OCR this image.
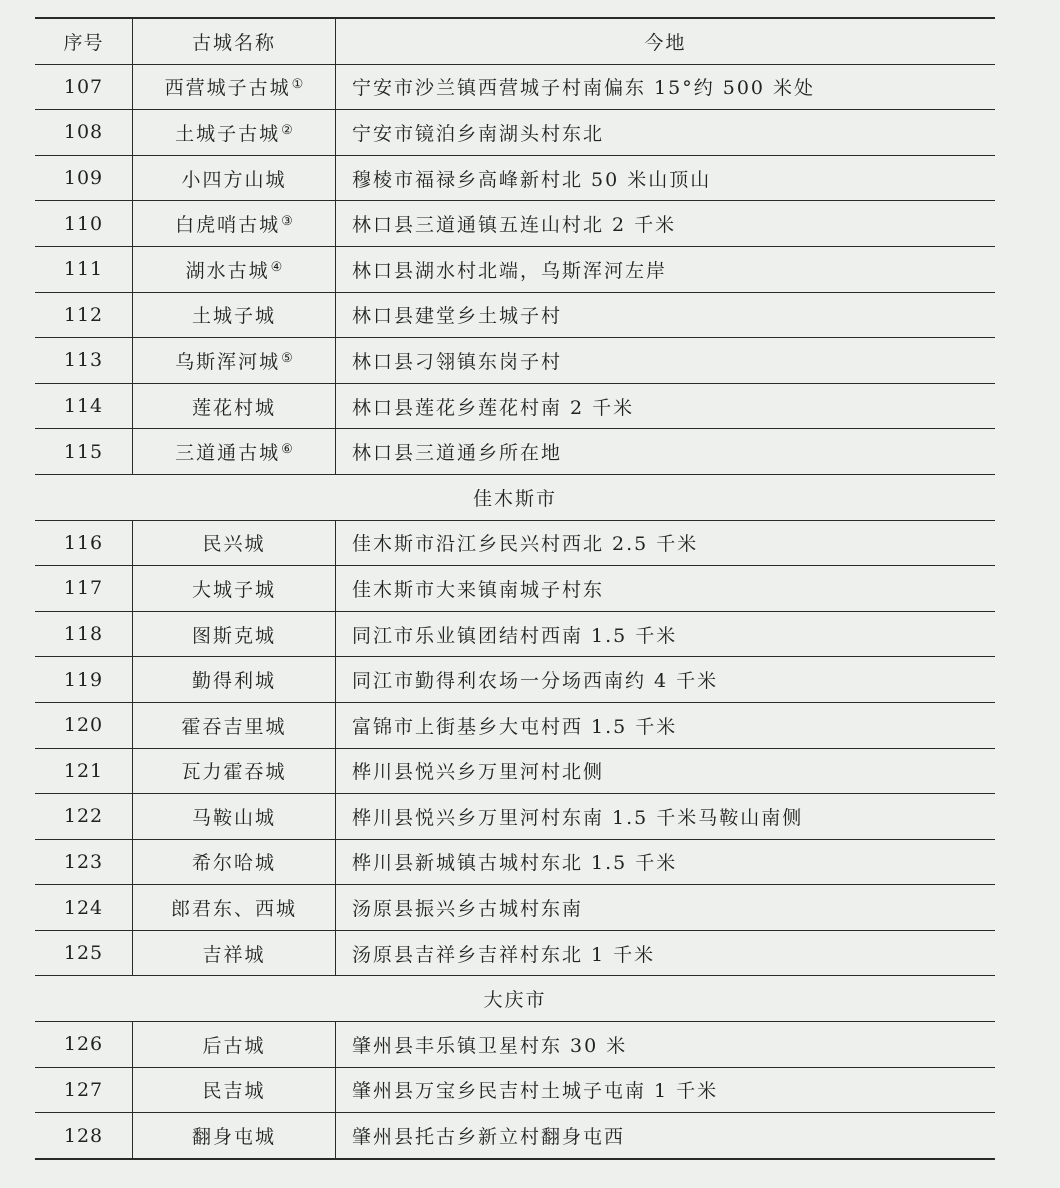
序号	古城名称	今地
107	西营城子古城①	宁安市沙兰镇西营城子村南偏东 15°约 500 米处
108	土城子古城②	宁安市镜泊乡南湖头村东北
109	小四方山城	穆棱市福禄乡高峰新村北 50 米山顶山
110	白虎哨古城③	林口县三道通镇五连山村北 2 千米
111	湖水古城④	林口县湖水村北端，乌斯浑河左岸
112	土城子城	林口县建堂乡土城子村
113	乌斯浑河城⑤	林口县刁翎镇东岗子村
114	莲花村城	林口县莲花乡莲花村南 2 千米
115	三道通古城⑥	林口县三道通乡所在地
佳木斯市		
116	民兴城	佳木斯市沿江乡民兴村西北 2.5 千米
117	大城子城	佳木斯市大来镇南城子村东
118	图斯克城	同江市乐业镇团结村西南 1.5 千米
119	勤得利城	同江市勤得利农场一分场西南约 4 千米
120	霍吞吉里城	富锦市上街基乡大屯村西 1.5 千米
121	瓦力霍吞城	桦川县悦兴乡万里河村北侧
122	马鞍山城	桦川县悦兴乡万里河村东南 1.5 千米马鞍山南侧
123	希尔哈城	桦川县新城镇古城村东北 1.5 千米
124	郎君东、西城	汤原县振兴乡古城村东南
125	吉祥城	汤原县吉祥乡吉祥村东北 1 千米
大庆市		
126	后古城	肇州县丰乐镇卫星村东 30 米
127	民吉城	肇州县万宝乡民吉村土城子屯南 1 千米
128	翻身屯城	肇州县托古乡新立村翻身屯西
